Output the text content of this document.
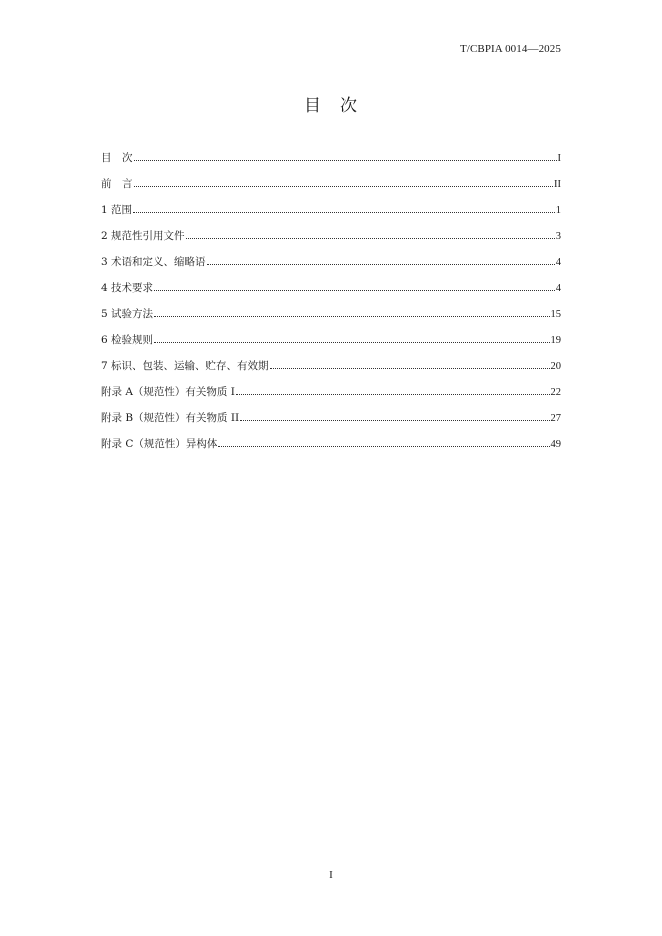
T/CBPIA 0014—2025
目　次
目　次	I
前　言	II
1 范围	1
2 规范性引用文件	3
3 术语和定义、缩略语	4
4 技术要求	4
5 试验方法	15
6 检验规则	19
7 标识、包装、运输、贮存、有效期	20
附录 A（规范性）有关物质 I	22
附录 B（规范性）有关物质 II	27
附录 C（规范性）异构体	49
I
